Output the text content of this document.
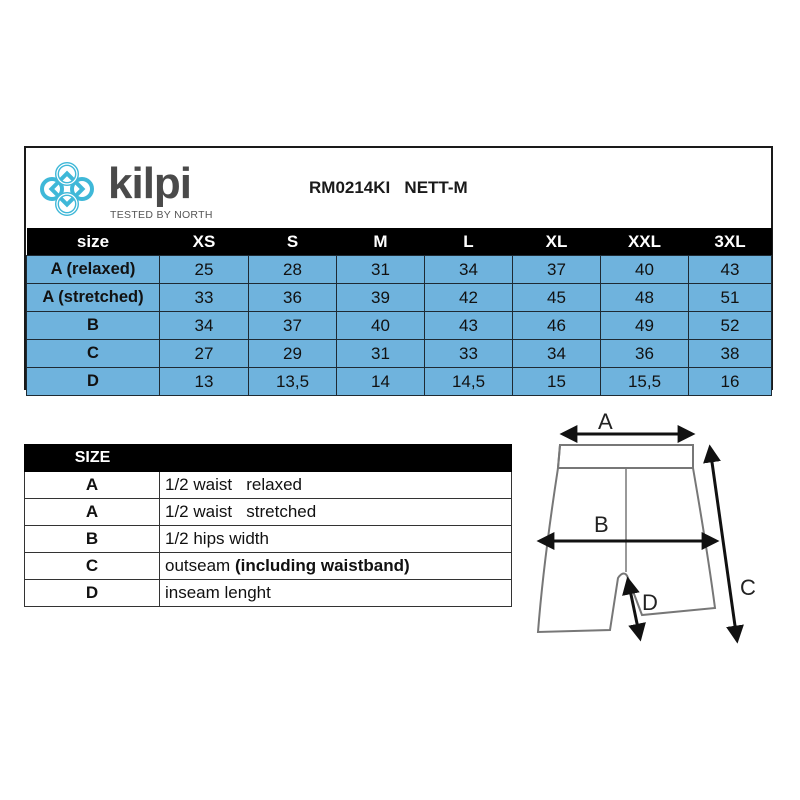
kilpi
TESTED BY NORTH
RM0214KI   NETT-M
size	XS	S	M	L	XL	XXL	3XL
A (relaxed)	25	28	31	34	37	40	43
A (stretched)	33	36	39	42	45	48	51
B	34	37	40	43	46	49	52
C	27	29	31	33	34	36	38
D	13	13,5	14	14,5	15	15,5	16
SIZE	
A	1/2 waist   relaxed
A	1/2 waist   stretched
B	1/2 hips width
C	outseam (including waistband)
D	inseam lenght
A
B
C
D
